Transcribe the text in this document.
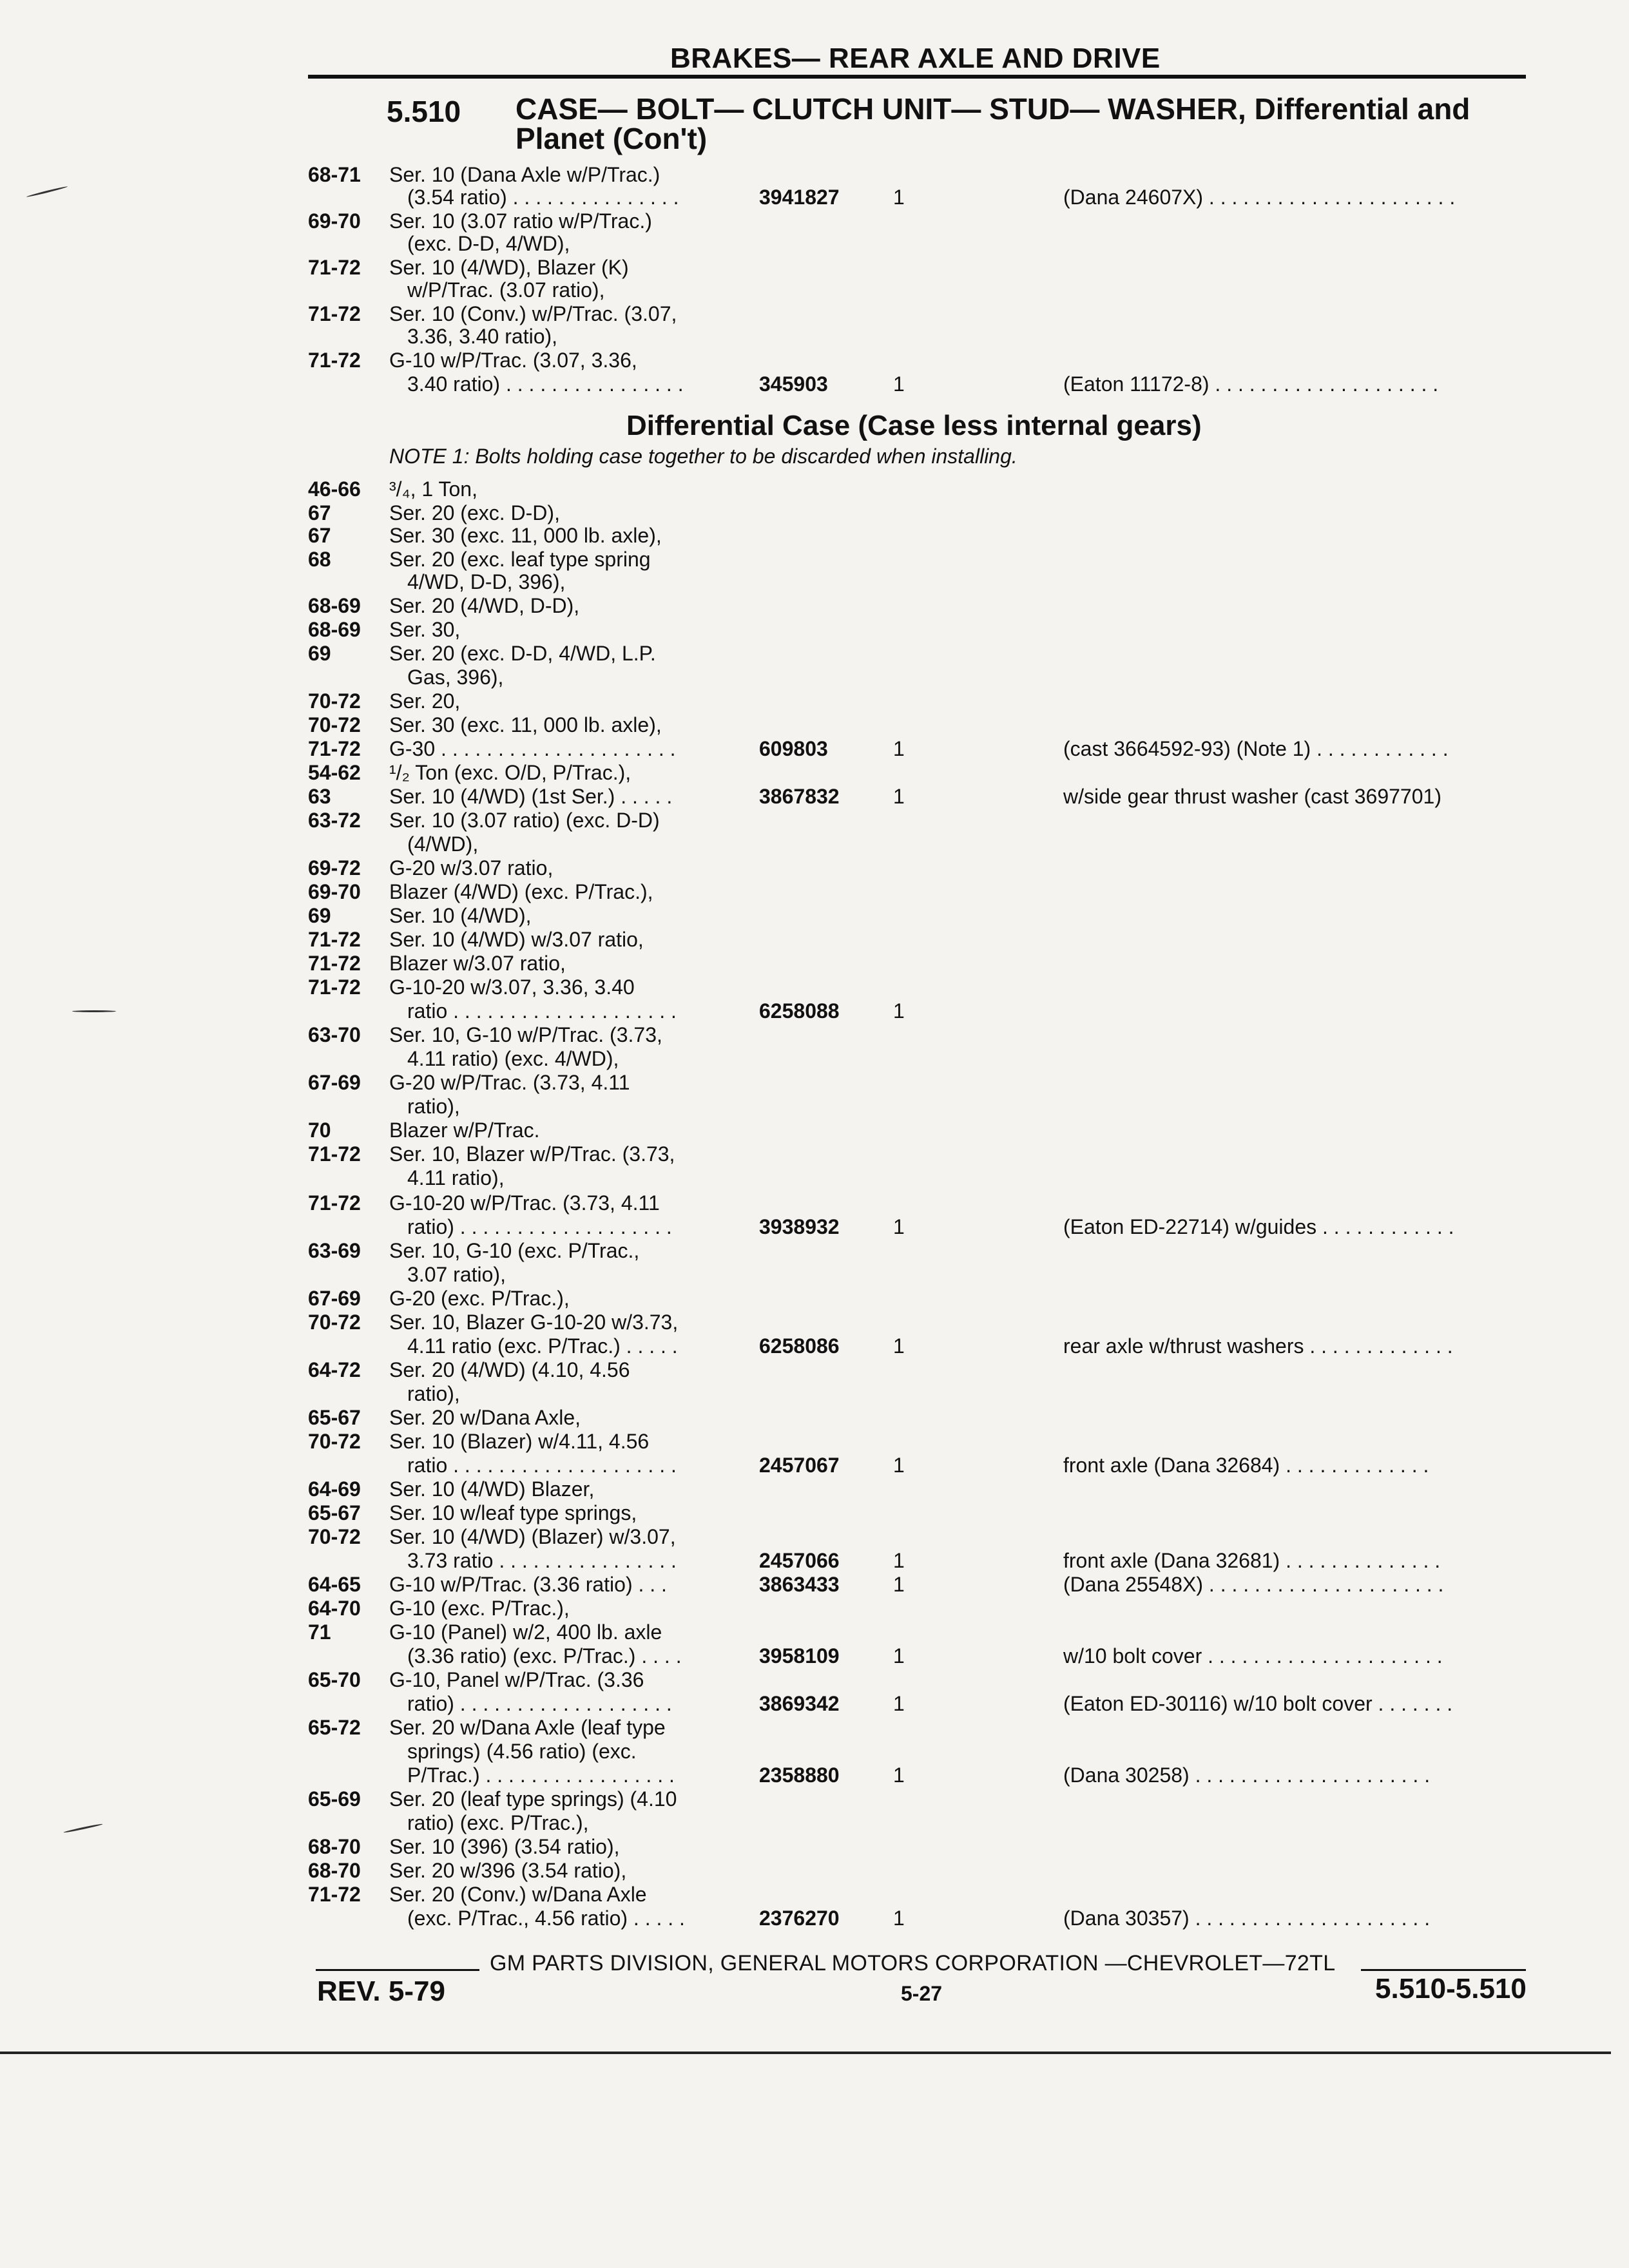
BRAKES— REAR AXLE AND DRIVE
5.510 CASE— BOLT— CLUTCH UNIT— STUD— WASHER, Differential and Planet (Con't)
Differential Case (Case less internal gears)
NOTE 1: Bolts holding case together to be discarded when installing.
68-71 Ser. 10 (Dana Axle w/P/Trac.)
(3.54 ratio) . . . . . . . . . . . . . . .	3941827	1	(Dana 24607X) . . . . . . . . . . . . . . . . . . . . . .
69-70 Ser. 10 (3.07 ratio w/P/Trac.)
(exc. D-D, 4/WD),
71-72 Ser. 10 (4/WD), Blazer (K)
w/P/Trac. (3.07 ratio),
71-72 Ser. 10 (Conv.) w/P/Trac. (3.07,
3.36, 3.40 ratio),
71-72 G-10 w/P/Trac. (3.07, 3.36,
3.40 ratio) . . . . . . . . . . . . . . . .	345903	1	(Eaton 11172-8) . . . . . . . . . . . . . . . . . . . .
46-66 ³/₄, 1 Ton,
67	Ser. 20 (exc. D-D),
67	Ser. 30 (exc. 11, 000 lb. axle),
68	Ser. 20 (exc. leaf type spring
4/WD, D-D, 396),
68-69 Ser. 20 (4/WD, D-D),
68-69 Ser. 30,
69	Ser. 20 (exc. D-D, 4/WD, L.P.
Gas, 396),
70-72 Ser. 20,
70-72 Ser. 30 (exc. 11, 000 lb. axle),
71-72 G-30 . . . . . . . . . . . . . . . . . . . . .	609803	1	(cast 3664592-93) (Note 1) . . . . . . . . . . . .
54-62 ¹/₂ Ton (exc. O/D, P/Trac.),
63	Ser. 10 (4/WD) (1st Ser.) . . . . .	3867832	1	w/side gear thrust washer (cast 3697701)
63-72 Ser. 10 (3.07 ratio) (exc. D-D)
(4/WD),
69-72 G-20 w/3.07 ratio,
69-70 Blazer (4/WD) (exc. P/Trac.),
69	Ser. 10 (4/WD),
71-72 Ser. 10 (4/WD) w/3.07 ratio,
71-72 Blazer w/3.07 ratio,
71-72 G-10-20 w/3.07, 3.36, 3.40
ratio . . . . . . . . . . . . . . . . . . . .	6258088	1
63-70 Ser. 10, G-10 w/P/Trac. (3.73,
4.11 ratio) (exc. 4/WD),
67-69 G-20 w/P/Trac. (3.73, 4.11
ratio),
70	Blazer w/P/Trac.
71-72 Ser. 10, Blazer w/P/Trac. (3.73,
4.11 ratio),
71-72 G-10-20 w/P/Trac. (3.73, 4.11
ratio) . . . . . . . . . . . . . . . . . . .	3938932	1	(Eaton ED-22714) w/guides . . . . . . . . . . . .
63-69 Ser. 10, G-10 (exc. P/Trac.,
3.07 ratio),
67-69 G-20 (exc. P/Trac.),
70-72 Ser. 10, Blazer G-10-20 w/3.73,
4.11 ratio (exc. P/Trac.) . . . . .	6258086	1	rear axle w/thrust washers . . . . . . . . . . . . .
64-72 Ser. 20 (4/WD) (4.10, 4.56
ratio),
65-67 Ser. 20 w/Dana Axle,
70-72 Ser. 10 (Blazer) w/4.11, 4.56
ratio . . . . . . . . . . . . . . . . . . . .	2457067	1	front axle (Dana 32684) . . . . . . . . . . . . .
64-69 Ser. 10 (4/WD) Blazer,
65-67 Ser. 10 w/leaf type springs,
70-72 Ser. 10 (4/WD) (Blazer) w/3.07,
3.73 ratio . . . . . . . . . . . . . . . .	2457066	1	front axle (Dana 32681) . . . . . . . . . . . . . .
64-65 G-10 w/P/Trac. (3.36 ratio) . . .	3863433	1	(Dana 25548X) . . . . . . . . . . . . . . . . . . . . .
64-70 G-10 (exc. P/Trac.),
71	G-10 (Panel) w/2, 400 lb. axle
(3.36 ratio) (exc. P/Trac.) . . . .	3958109	1	w/10 bolt cover . . . . . . . . . . . . . . . . . . . . .
65-70 G-10, Panel w/P/Trac. (3.36
ratio) . . . . . . . . . . . . . . . . . . .	3869342	1	(Eaton ED-30116) w/10 bolt cover . . . . . . .
65-72 Ser. 20 w/Dana Axle (leaf type
springs) (4.56 ratio) (exc.
P/Trac.) . . . . . . . . . . . . . . . . .	2358880	1	(Dana 30258) . . . . . . . . . . . . . . . . . . . . .
65-69 Ser. 20 (leaf type springs) (4.10
ratio) (exc. P/Trac.),
68-70 Ser. 10 (396) (3.54 ratio),
68-70 Ser. 20 w/396 (3.54 ratio),
71-72 Ser. 20 (Conv.) w/Dana Axle
(exc. P/Trac., 4.56 ratio) . . . . .	2376270	1	(Dana 30357) . . . . . . . . . . . . . . . . . . . . .
GM PARTS DIVISION, GENERAL MOTORS CORPORATION —CHEVROLET—72TL
REV. 5-79	5-27	5.510-5.510
